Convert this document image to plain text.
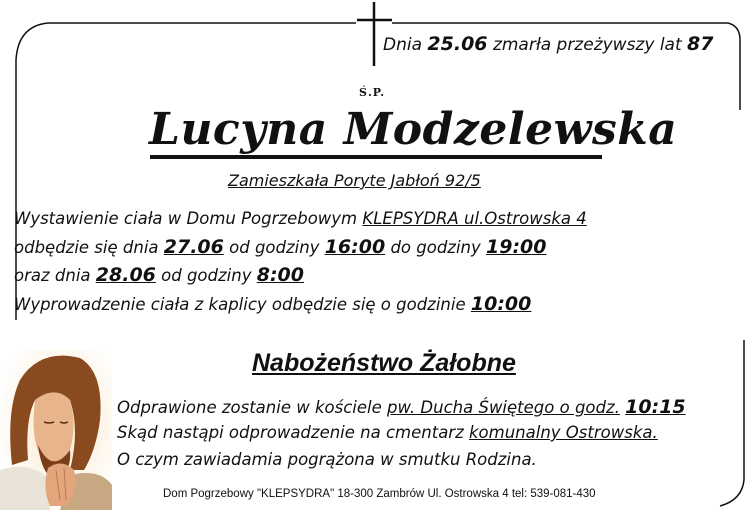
Dnia 25.06 zmarła przeżywszy lat 87
Ś.P.
Lucyna Modzelewska
Zamieszkała Poryte Jabłoń 92/5
Wystawienie ciała w Domu Pogrzebowym KLEPSYDRA ul.Ostrowska 4
odbędzie się dnia 27.06 od godziny 16:00 do godziny 19:00
oraz dnia 28.06 od godziny 8:00
Wyprowadzenie ciała z kaplicy odbędzie się o godzinie 10:00
Nabożeństwo Żałobne
Odprawione zostanie w kościele pw. Ducha Świętego o godz. 10:15
Skąd nastąpi odprowadzenie na cmentarz komunalny Ostrowska.
O czym zawiadamia pogrążona w smutku Rodzina.
Dom Pogrzebowy "KLEPSYDRA" 18-300 Zambrów Ul. Ostrowska 4 tel: 539-081-430
